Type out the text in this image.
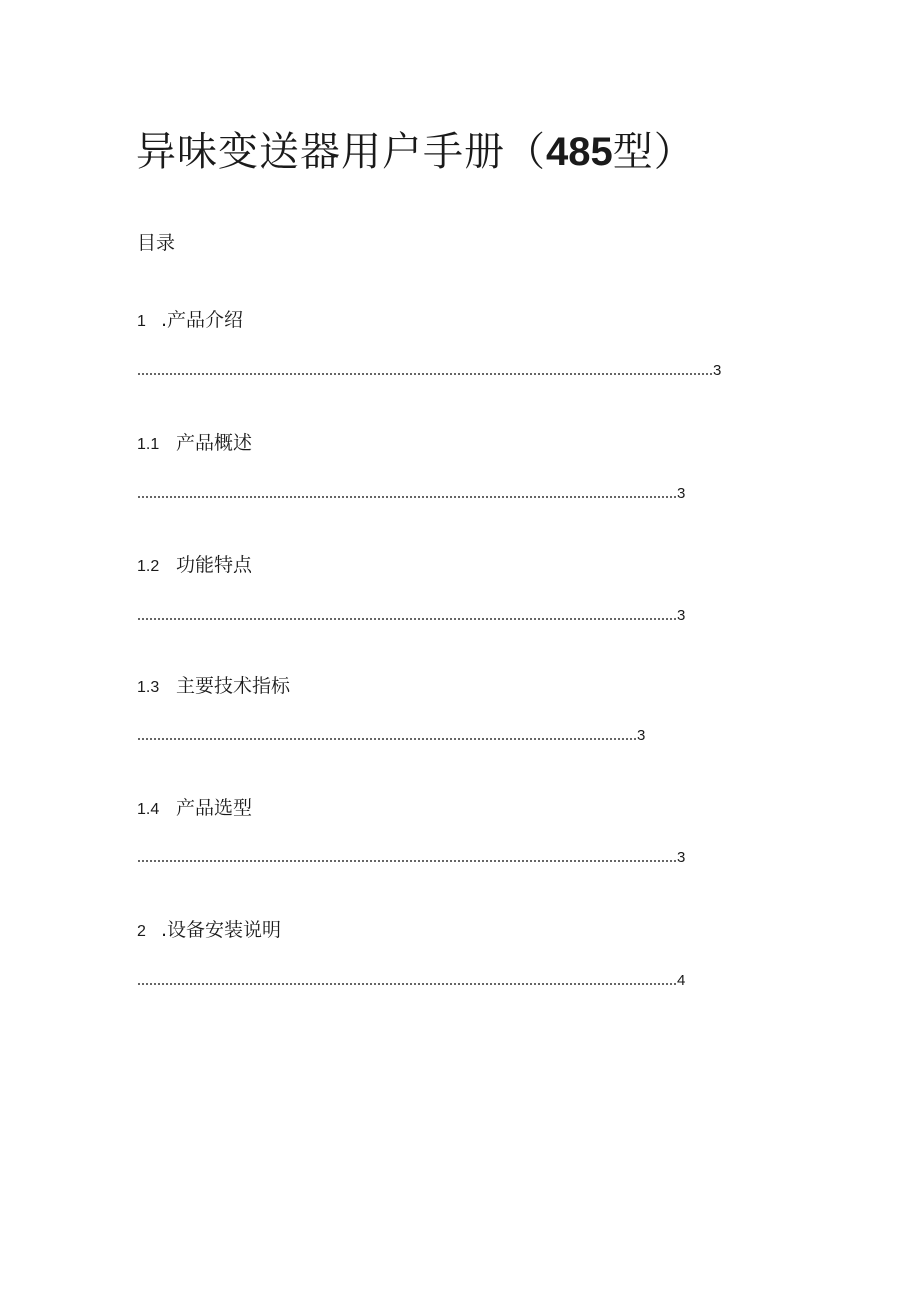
异味变送器用户手册（485型）
目录
1 .产品介绍
3
1.1 产品概述
3
1.2 功能特点
3
1.3 主要技术指标
3
1.4 产品选型
3
2 .设备安装说明
4
